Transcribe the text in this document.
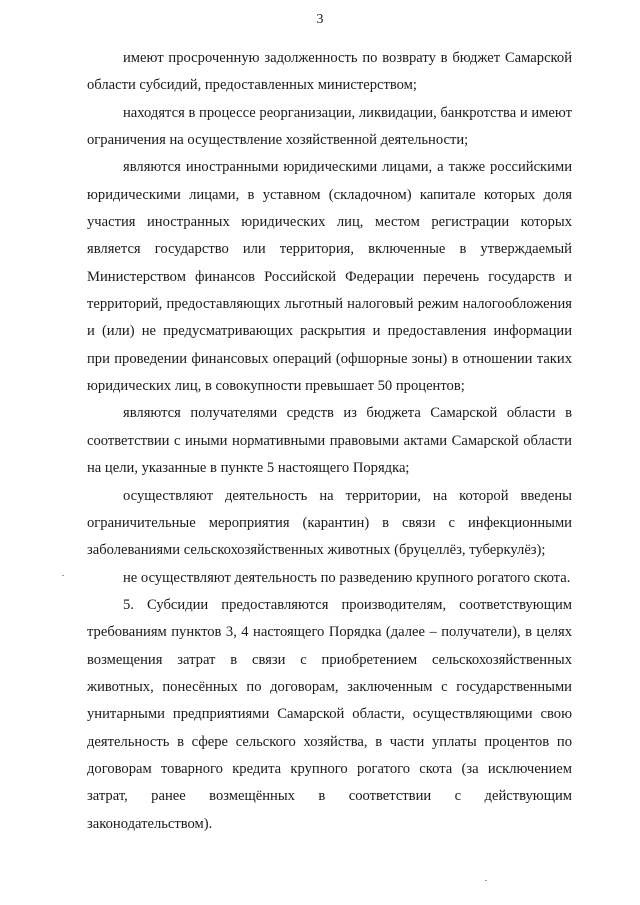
3

имеют просроченную задолженность по возврату в бюджет Самарской области субсидий, предоставленных министерством;

находятся в процессе реорганизации, ликвидации, банкротства и имеют ограничения на осуществление хозяйственной деятельности;

являются иностранными юридическими лицами, а также российскими юридическими лицами, в уставном (складочном) капитале которых доля участия иностранных юридических лиц, местом регистрации которых является государство или территория, включенные в утверждаемый Министерством финансов Российской Федерации перечень государств и территорий, предоставляющих льготный налоговый режим налогообложения и (или) не предусматривающих раскрытия и предоставления информации при проведении финансовых операций (офшорные зоны) в отношении таких юридических лиц, в совокупности превышает 50 процентов;

являются получателями средств из бюджета Самарской области в соответствии с иными нормативными правовыми актами Самарской области на цели, указанные в пункте 5 настоящего Порядка;

осуществляют деятельность на территории, на которой введены ограничительные мероприятия (карантин) в связи с инфекционными заболеваниями сельскохозяйственных животных (бруцеллёз, туберкулёз);

не осуществляют деятельность по разведению крупного рогатого скота.

5. Субсидии предоставляются производителям, соответствующим требованиям пунктов 3, 4 настоящего Порядка (далее – получатели), в целях возмещения затрат в связи с приобретением сельскохозяйственных животных, понесённых по договорам, заключенным с государственными унитарными предприятиями Самарской области, осуществляющими свою деятельность в сфере сельского хозяйства, в части уплаты процентов по договорам товарного кредита крупного рогатого скота (за исключением затрат, ранее возмещённых в соответствии с действующим законодательством).
